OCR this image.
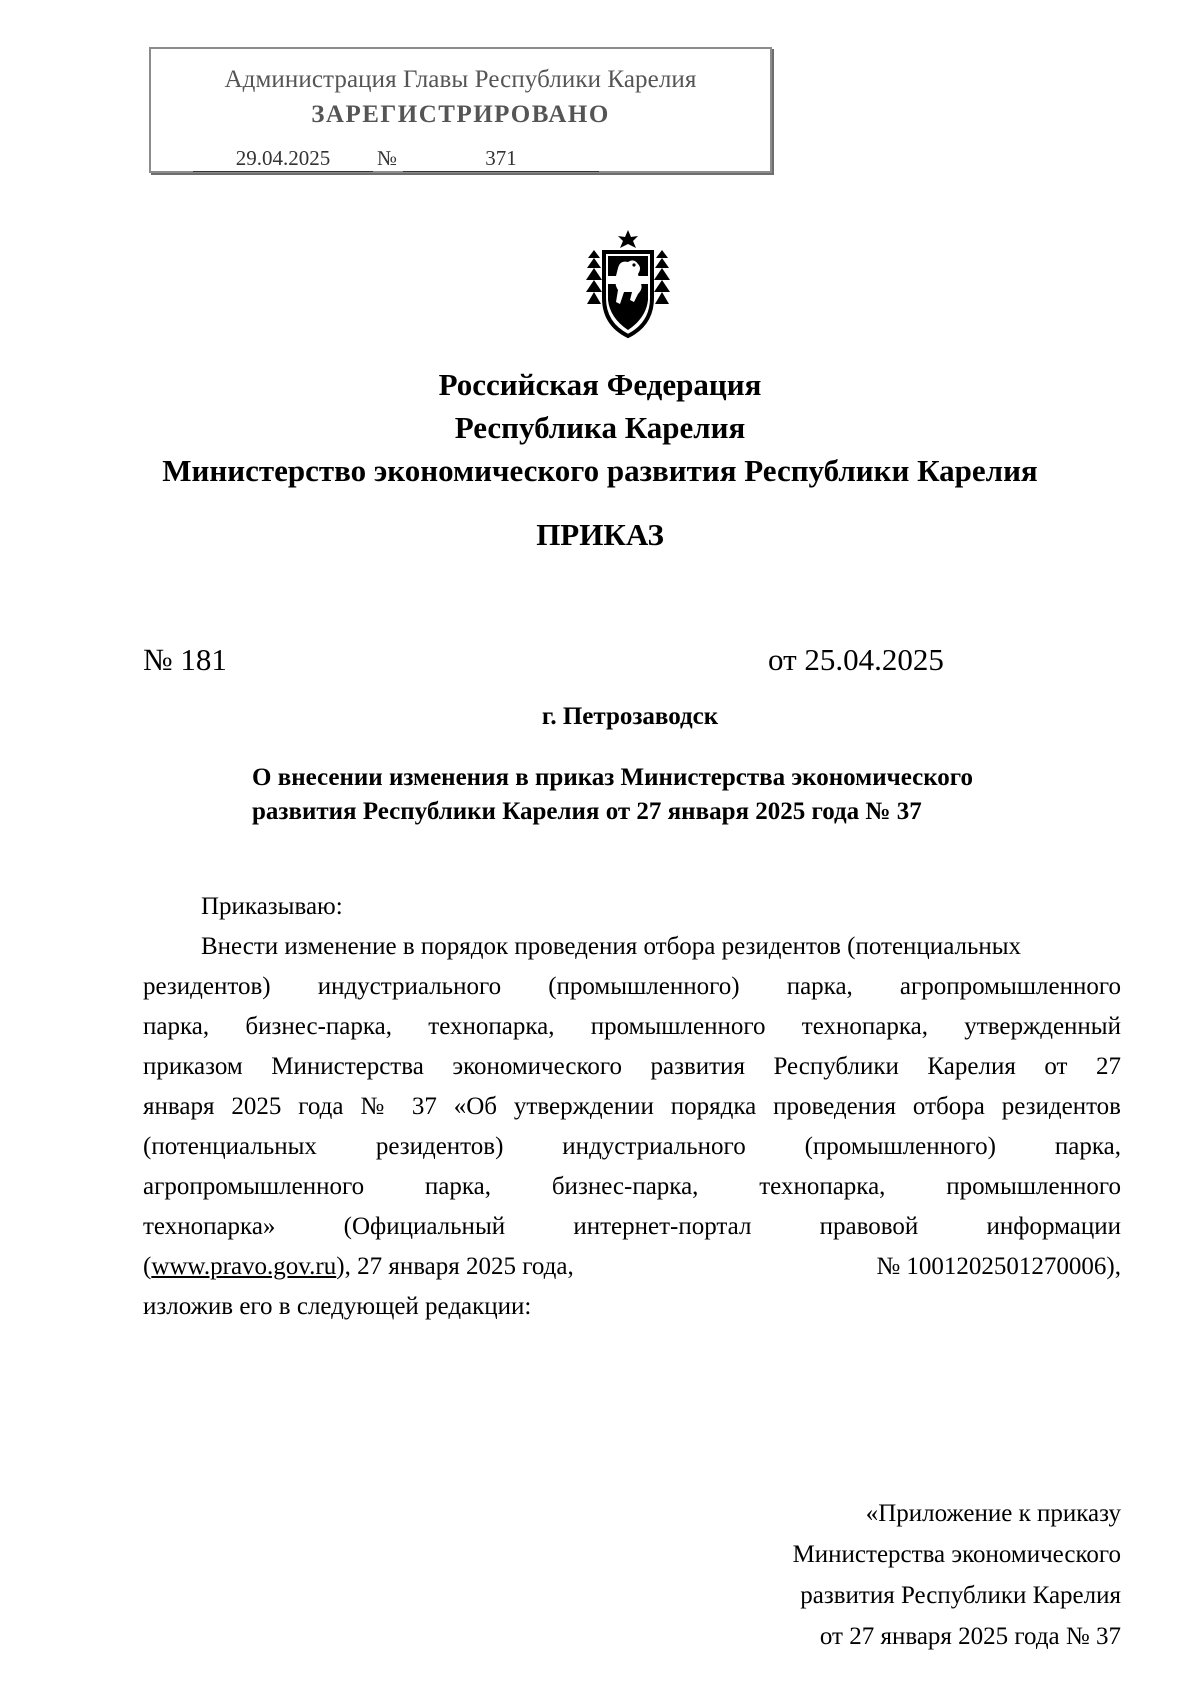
Администрация Главы Республики Карелия
ЗАРЕГИСТРИРОВАНО
29.04.2025	№	371
Российская Федерация
Республика Карелия
Министерство экономического развития Республики Карелия
ПРИКАЗ
№ 181	от 25.04.2025
г. Петрозаводск
О внесении изменения в приказ Министерства экономического
развития Республики Карелия от 27 января 2025 года № 37
Приказываю:
Внести изменение в порядок проведения отбора резидентов (потенциальных
резидентов) индустриального (промышленного) парка, агропромышленного
парка, бизнес-парка, технопарка, промышленного технопарка, утвержденный
приказом Министерства экономического развития Республики Карелия от 27
января 2025 года № 37 «Об утверждении порядка проведения отбора резидентов
(потенциальных резидентов) индустриального (промышленного) парка,
агропромышленного парка, бизнес-парка, технопарка, промышленного
технопарка» (Официальный интернет-портал правовой информации
(www.pravo.gov.ru), 27 января 2025 года,	№ 1001202501270006),
изложив его в следующей редакции:
«Приложение к приказу
Министерства экономического
развития Республики Карелия
от 27 января 2025 года № 37
